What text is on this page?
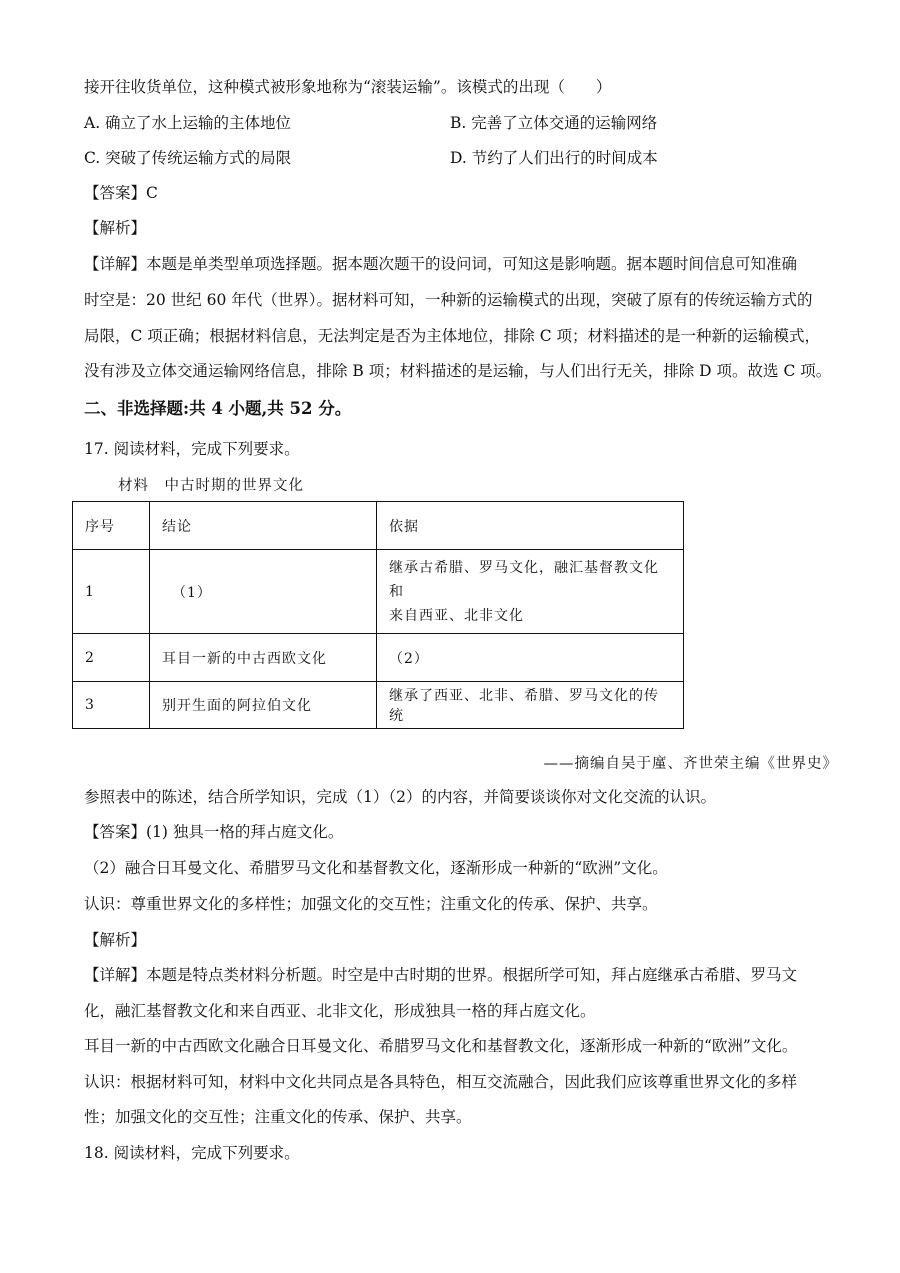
接开往收货单位，这种模式被形象地称为“滚装运输”。该模式的出现（　　）
A. 确立了水上运输的主体地位	B. 完善了立体交通的运输网络
C. 突破了传统运输方式的局限	D. 节约了人们出行的时间成本
【答案】C
【解析】
【详解】本题是单类型单项选择题。据本题次题干的设问词，可知这是影响题。据本题时间信息可知准确
时空是：20 世纪 60 年代（世界）。据材料可知，一种新的运输模式的出现，突破了原有的传统运输方式的
局限，C 项正确；根据材料信息，无法判定是否为主体地位，排除 C 项；材料描述的是一种新的运输模式，
没有涉及立体交通运输网络信息，排除 B 项；材料描述的是运输，与人们出行无关，排除 D 项。故选 C 项。
二、非选择题:共 4 小题,共 52 分。
17. 阅读材料，完成下列要求。
材料　中古时期的世界文化
序号	结论	依据
1	（1）	继承古希腊、罗马文化，融汇基督教文化和
来自西亚、北非文化

2	耳目一新的中古西欧文化	（2）
3	别开生面的阿拉伯文化	继承了西亚、北非、希腊、罗马文化的传统
——摘编自吴于廑、齐世荣主编《世界史》
参照表中的陈述，结合所学知识，完成（1）（2）的内容，并简要谈谈你对文化交流的认识。
【答案】(1) 独具一格的拜占庭文化。
（2）融合日耳曼文化、希腊罗马文化和基督教文化，逐渐形成一种新的“欧洲”文化。
认识：尊重世界文化的多样性；加强文化的交互性；注重文化的传承、保护、共享。
【解析】
【详解】本题是特点类材料分析题。时空是中古时期的世界。根据所学可知，拜占庭继承古希腊、罗马文
化，融汇基督教文化和来自西亚、北非文化，形成独具一格的拜占庭文化。
耳目一新的中古西欧文化融合日耳曼文化、希腊罗马文化和基督教文化，逐渐形成一种新的“欧洲”文化。
认识：根据材料可知，材料中文化共同点是各具特色，相互交流融合，因此我们应该尊重世界文化的多样
性；加强文化的交互性；注重文化的传承、保护、共享。
18. 阅读材料，完成下列要求。
